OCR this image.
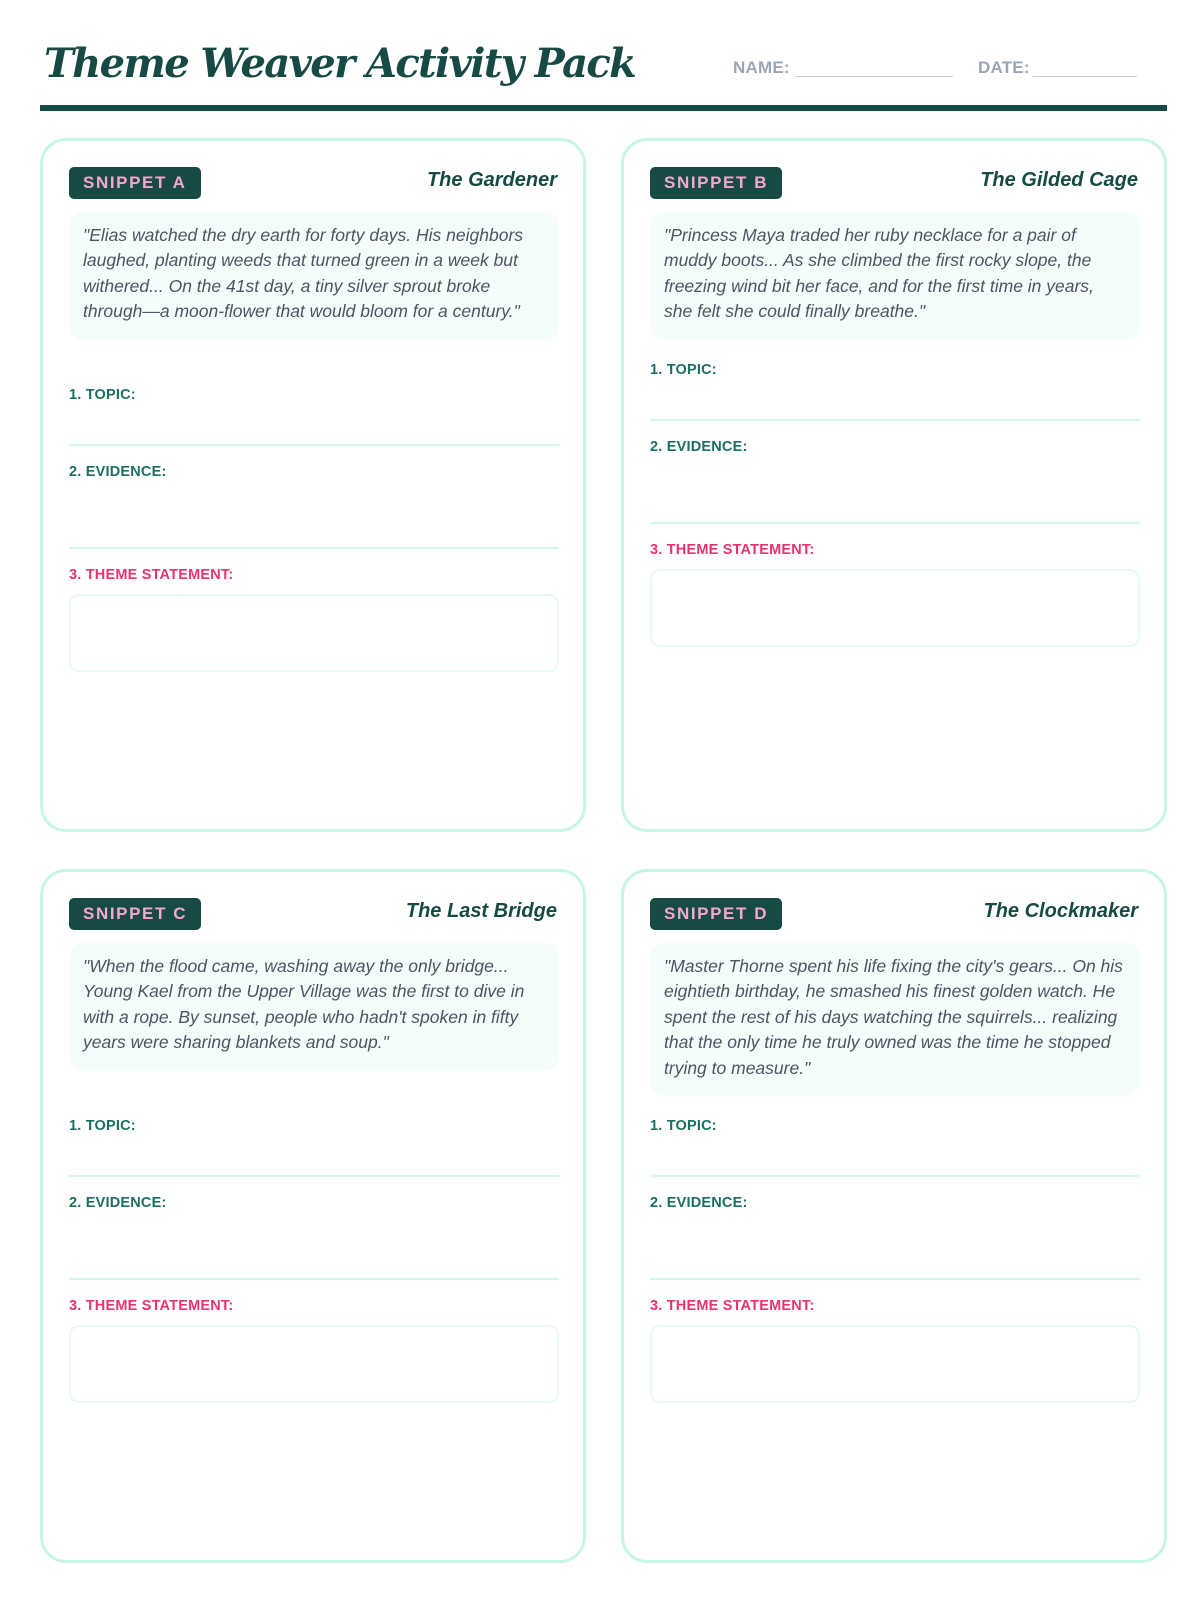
Theme Weaver Activity Pack	NAME:	DATE:
SNIPPET A	The Gardener
"Elias watched the dry earth for forty days. His neighbors laughed, planting weeds that turned green in a week but withered... On the 41st day, a tiny silver sprout broke through—a moon-flower that would bloom for a century."
1. TOPIC:
2. EVIDENCE:
3. THEME STATEMENT:
SNIPPET B	The Gilded Cage
"Princess Maya traded her ruby necklace for a pair of muddy boots... As she climbed the first rocky slope, the freezing wind bit her face, and for the first time in years, she felt she could finally breathe."
1. TOPIC:
2. EVIDENCE:
3. THEME STATEMENT:
SNIPPET C	The Last Bridge
"When the flood came, washing away the only bridge... Young Kael from the Upper Village was the first to dive in with a rope. By sunset, people who hadn't spoken in fifty years were sharing blankets and soup."
1. TOPIC:
2. EVIDENCE:
3. THEME STATEMENT:
SNIPPET D	The Clockmaker
"Master Thorne spent his life fixing the city's gears... On his eightieth birthday, he smashed his finest golden watch. He spent the rest of his days watching the squirrels... realizing that the only time he truly owned was the time he stopped trying to measure."
1. TOPIC:
2. EVIDENCE:
3. THEME STATEMENT:
